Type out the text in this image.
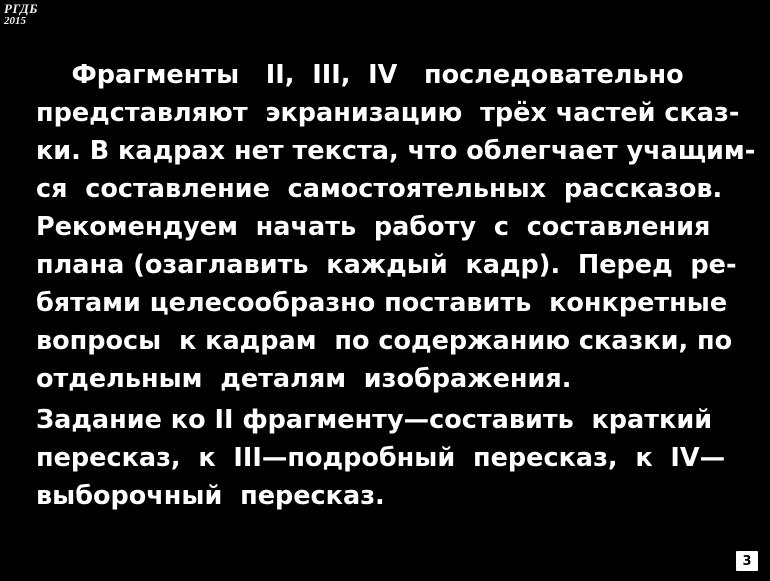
РГДБ
2015
Фрагменты   II,  III,  IV   последовательно
представляют  экранизацию  трёх частей сказ-
ки. В кадрах нет текста, что облегчает учащим-
ся  составление  самостоятельных  рассказов.
Рекомендуем  начать  работу  с  составления
плана (озаглавить  каждый  кадр).  Перед  ре-
бятами целесообразно поставить  конкретные
вопросы  к кадрам  по содержанию сказки, по
отдельным  деталям  изображения.
Задание ко II фрагменту—составить  краткий
пересказ,  к  III—подробный  пересказ,  к  IV—
выборочный  пересказ.
3
